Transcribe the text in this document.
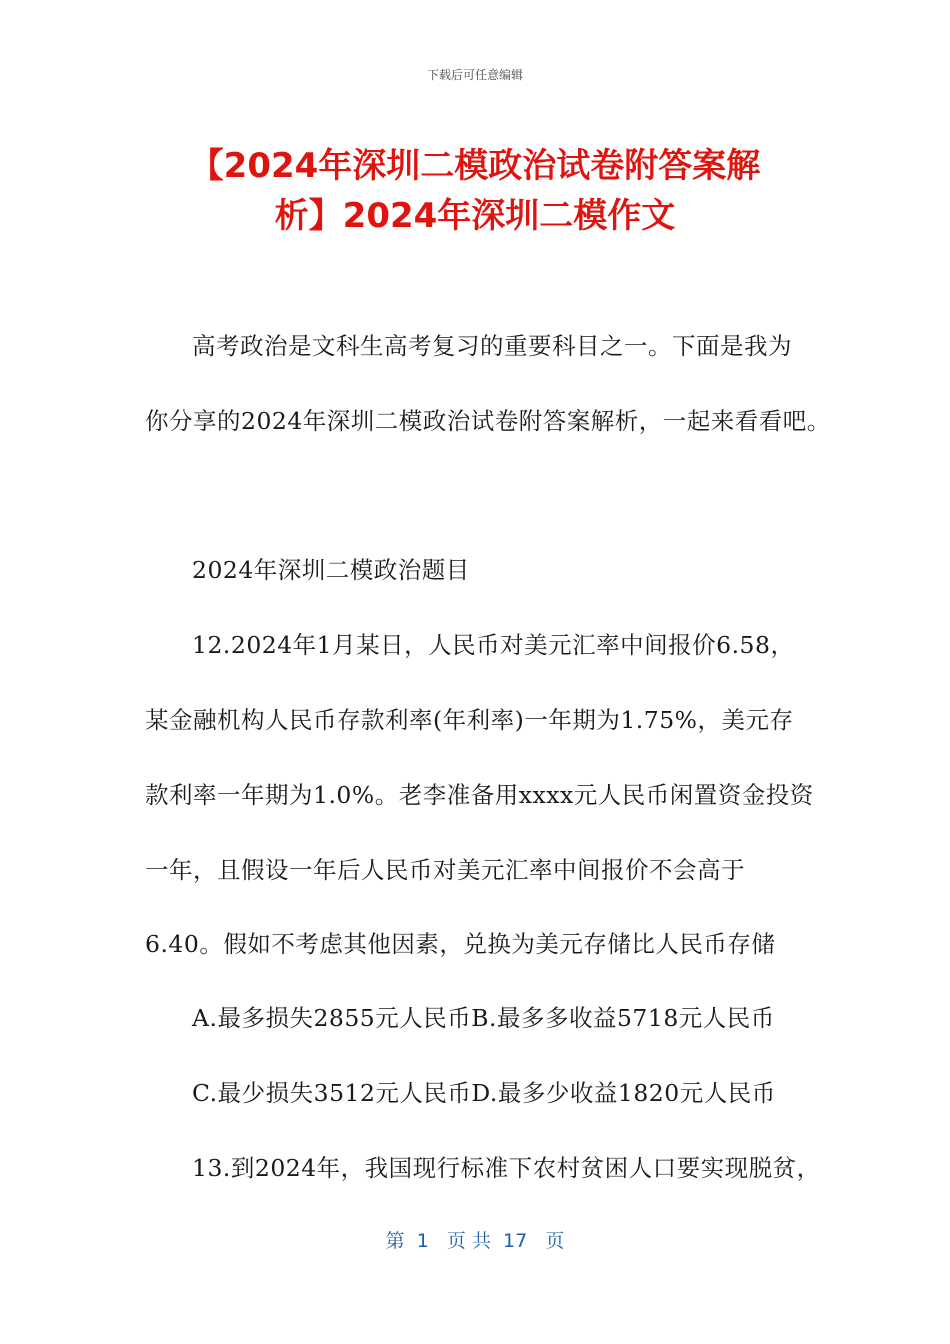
下载后可任意编辑
【2024年深圳二模政治试卷附答案解
析】2024年深圳二模作文
高考政治是文科生高考复习的重要科目之一。下面是我为
你分享的2024年深圳二模政治试卷附答案解析，一起来看看吧。
2024年深圳二模政治题目
12.2024年1月某日，人民币对美元汇率中间报价6.58，
某金融机构人民币存款利率(年利率)一年期为1.75%，美元存
款利率一年期为1.0%。老李准备用xxxx元人民币闲置资金投资
一年，且假设一年后人民币对美元汇率中间报价不会高于
6.40。假如不考虑其他因素，兑换为美元存储比人民币存储
A.最多损失2855元人民币B.最多多收益5718元人民币
C.最少损失3512元人民币D.最多少收益1820元人民币
13.到2024年，我国现行标准下农村贫困人口要实现脱贫，
第  1   页 共  17   页
